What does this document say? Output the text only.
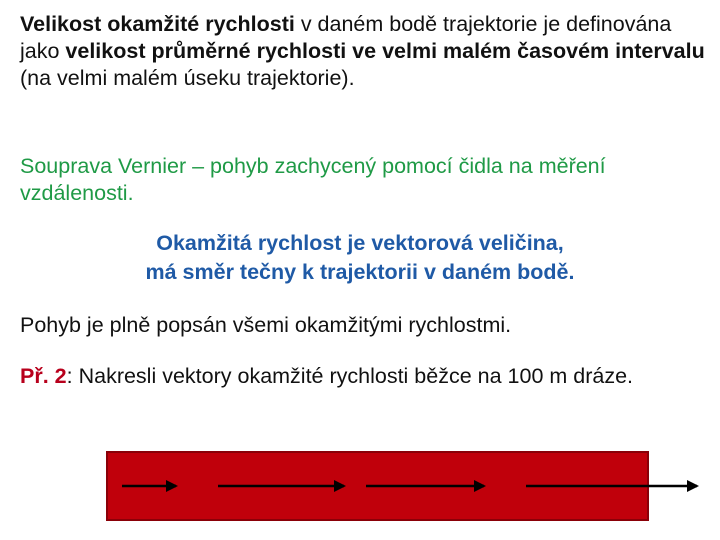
Velikost okamžité rychlosti v daném bodě trajektorie je definována jako velikost průměrné rychlosti ve velmi malém časovém intervalu (na velmi malém úseku trajektorie).
Souprava Vernier – pohyb zachycený pomocí čidla na měření vzdálenosti.
Okamžitá rychlost je vektorová veličina,
má směr tečny k trajektorii v daném bodě.
Pohyb je plně popsán všemi okamžitými rychlostmi.
Př. 2: Nakresli vektory okamžité rychlosti běžce na 100 m dráze.
